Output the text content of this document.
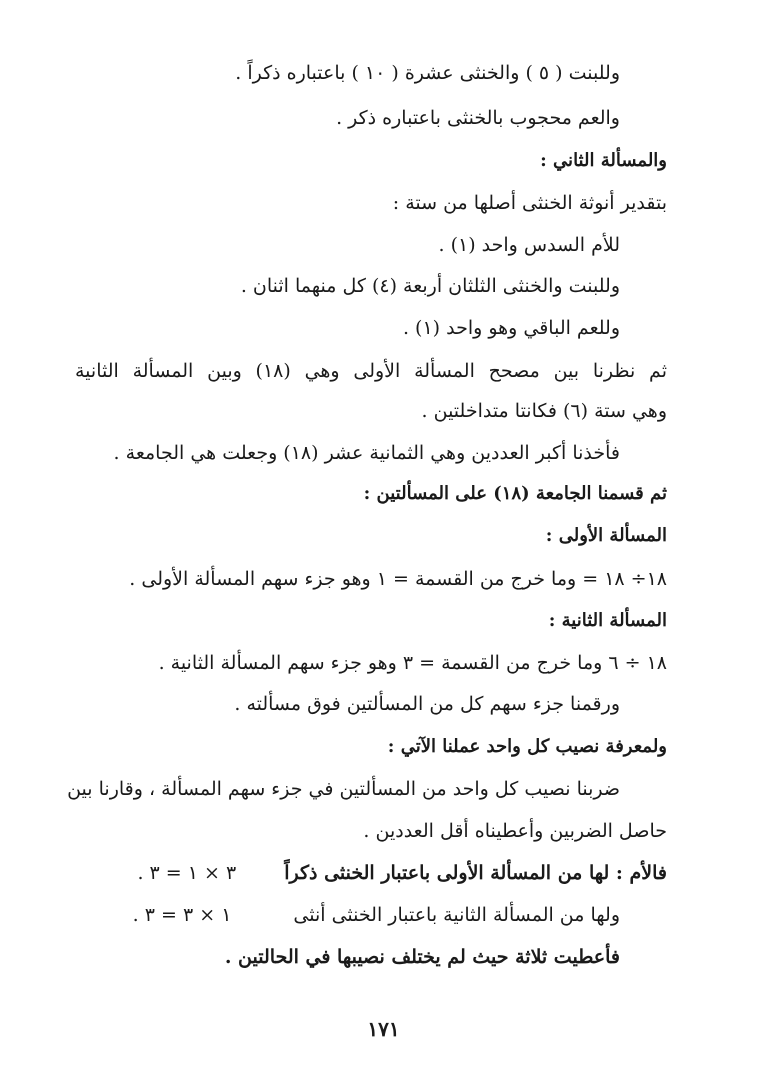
وللبنت ( ٥ ) والخنثى عشرة ( ١٠ ) باعتباره ذكراً .
والعم محجوب بالخنثى باعتباره ذكر .
والمسألة الثاني :
بتقدير أنوثة الخنثى أصلها من ستة :
للأم السدس واحد (١) .
وللبنت والخنثى الثلثان أربعة (٤) كل منهما اثنان .
وللعم الباقي وهو واحد (١) .
ثم نظرنا بين مصحح المسألة الأولى وهي (١٨) وبين المسألة الثانية
وهي ستة (٦) فكانتا متداخلتين .
فأخذنا أكبر العددين وهي الثمانية عشر (١٨) وجعلت هي الجامعة .
ثم قسمنا الجامعة (١٨) على المسألتين :
المسألة الأولى :
١٨÷ ١٨ = وما خرج من القسمة = ١ وهو جزء سهم المسألة الأولى .
المسألة الثانية :
١٨ ÷ ٦ وما خرج من القسمة = ٣ وهو جزء سهم المسألة الثانية .
ورقمنا جزء سهم كل من المسألتين فوق مسألته .
ولمعرفة نصيب كل واحد عملنا الآتي :
ضربنا نصيب كل واحد من المسألتين في جزء سهم المسألة ، وقارنا بين
حاصل الضربين وأعطيناه أقل العددين .
فالأم : لها من المسألة الأولى باعتبار الخنثى ذكراً
٣ × ١ = ٣ .
ولها من المسألة الثانية باعتبار الخنثى أنثى
١ × ٣ = ٣ .
فأعطيت ثلاثة حيث لم يختلف نصيبها في الحالتين .
١٧١
